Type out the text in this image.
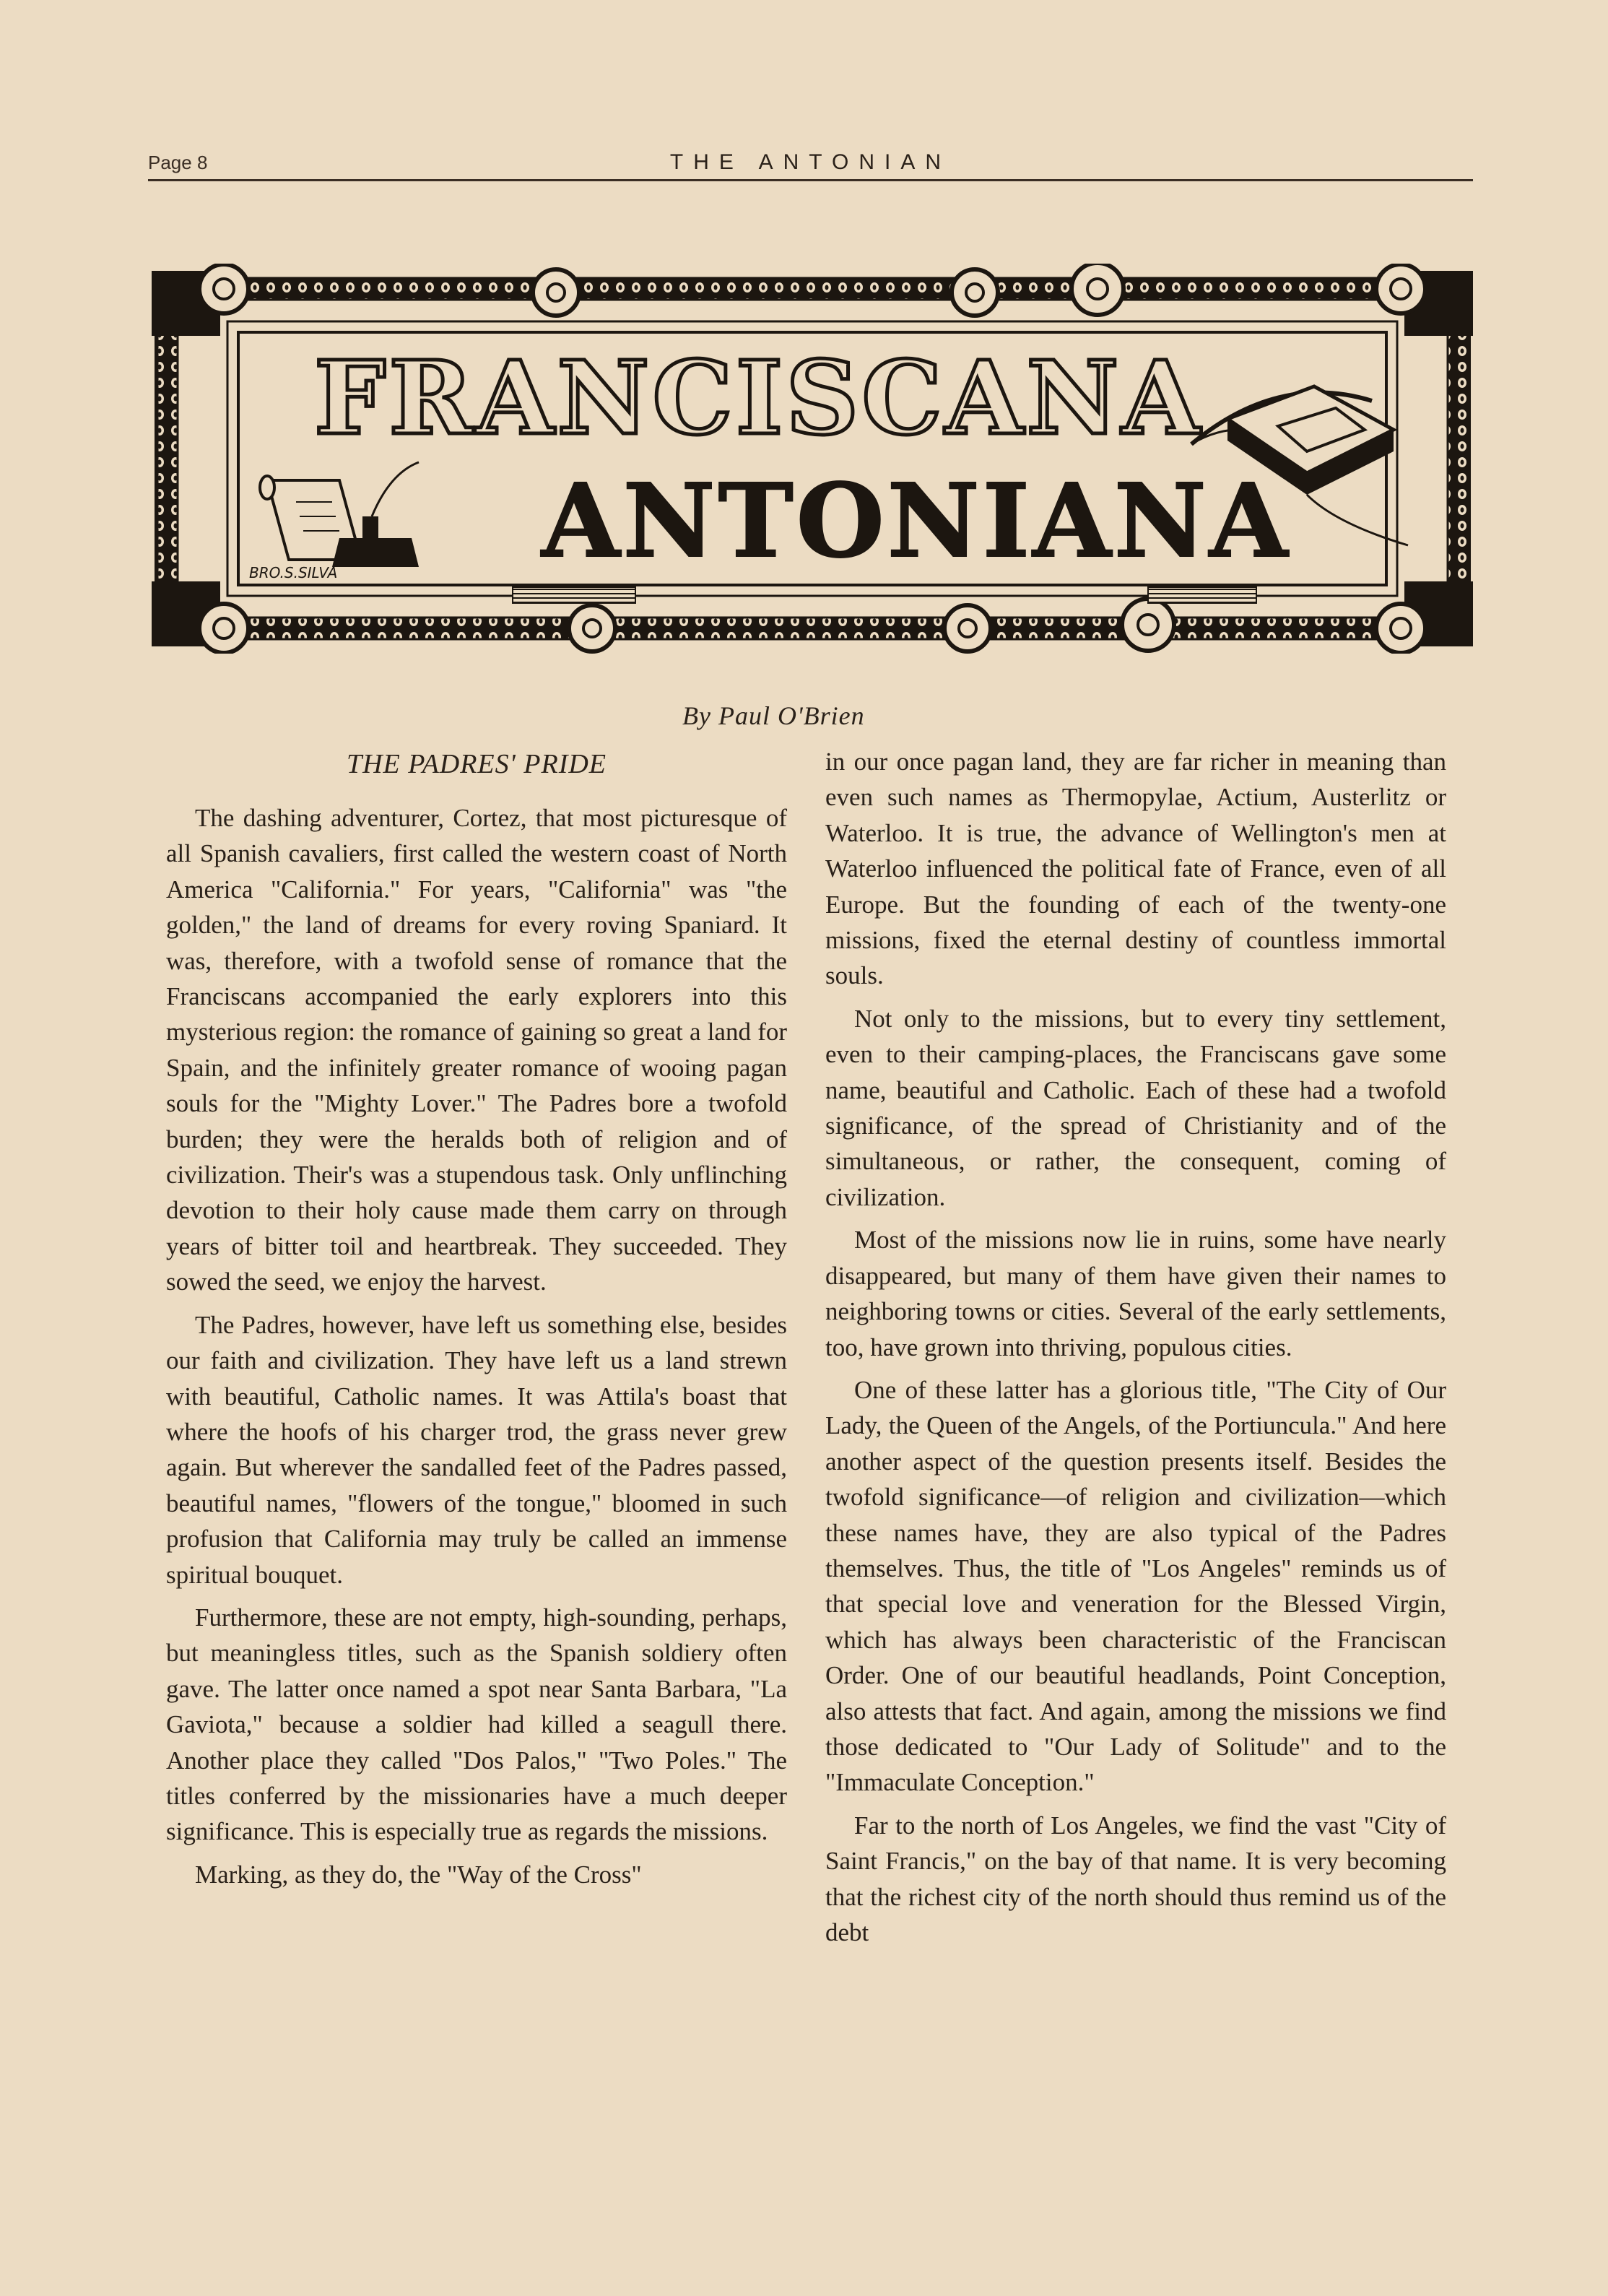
Page 8	THE ANTONIAN
FRANCISCANA
ANTONIANA
BRO.S.SILVA
By Paul O'Brien
THE PADRES' PRIDE

The dashing adventurer, Cortez, that most picturesque of all Spanish cavaliers, first called the western coast of North America "California." For years, "California" was "the golden," the land of dreams for every roving Spaniard. It was, therefore, with a twofold sense of romance that the Franciscans accompanied the early explorers into this mysterious region: the romance of gaining so great a land for Spain, and the infinitely greater romance of wooing pagan souls for the "Mighty Lover." The Padres bore a twofold burden; they were the heralds both of religion and of civilization. Their's was a stupendous task. Only unflinching devotion to their holy cause made them carry on through years of bitter toil and heartbreak. They succeeded. They sowed the seed, we enjoy the harvest.

The Padres, however, have left us something else, besides our faith and civilization. They have left us a land strewn with beautiful, Catholic names. It was Attila's boast that where the hoofs of his charger trod, the grass never grew again. But wherever the sandalled feet of the Padres passed, beautiful names, "flowers of the tongue," bloomed in such profusion that California may truly be called an immense spiritual bouquet.

Furthermore, these are not empty, high-sounding, perhaps, but meaningless titles, such as the Spanish soldiery often gave. The latter once named a spot near Santa Barbara, "La Gaviota," because a soldier had killed a seagull there. Another place they called "Dos Palos," "Two Poles." The titles conferred by the missionaries have a much deeper significance. This is especially true as regards the missions.

Marking, as they do, the "Way of the Cross"

in our once pagan land, they are far richer in meaning than even such names as Thermopylae, Actium, Austerlitz or Waterloo. It is true, the advance of Wellington's men at Waterloo influenced the political fate of France, even of all Europe. But the founding of each of the twenty-one missions, fixed the eternal destiny of countless immortal souls.

Not only to the missions, but to every tiny settlement, even to their camping-places, the Franciscans gave some name, beautiful and Catholic. Each of these had a twofold significance, of the spread of Christianity and of the simultaneous, or rather, the consequent, coming of civilization.

Most of the missions now lie in ruins, some have nearly disappeared, but many of them have given their names to neighboring towns or cities. Several of the early settlements, too, have grown into thriving, populous cities.

One of these latter has a glorious title, "The City of Our Lady, the Queen of the Angels, of the Portiuncula." And here another aspect of the question presents itself. Besides the twofold significance—of religion and civilization—which these names have, they are also typical of the Padres themselves. Thus, the title of "Los Angeles" reminds us of that special love and veneration for the Blessed Virgin, which has always been characteristic of the Franciscan Order. One of our beautiful headlands, Point Conception, also attests that fact. And again, among the missions we find those dedicated to "Our Lady of Solitude" and to the "Immaculate Conception."

Far to the north of Los Angeles, we find the vast "City of Saint Francis," on the bay of that name. It is very becoming that the richest city of the north should thus remind us of the debt
